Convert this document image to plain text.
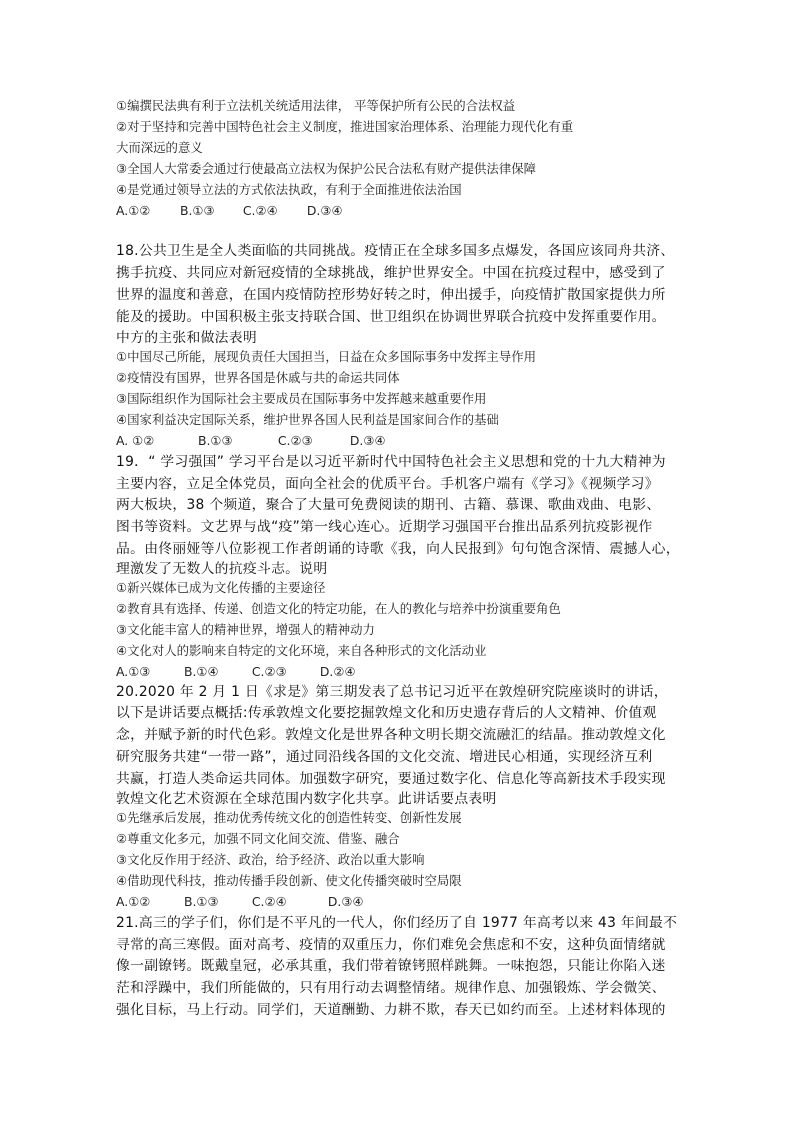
①编撰民法典有利于立法机关统适用法律， 平等保护所有公民的合法权益
②对于坚持和完善中国特色社会主义制度，推进国家治理体系、治理能力现代化有重
大而深远的意义
③全国人大常委会通过行使最高立法权为保护公民合法私有财产提供法律保障
④是党通过领导立法的方式依法执政，有利于全面推进依法治国
A.①② B.①③ C.②④ D.③④
18.公共卫生是全人类面临的共同挑战。疫情正在全球多国多点爆发，各国应该同舟共济、
携手抗疫、共同应对新冠疫情的全球挑战，维护世界安全。中国在抗疫过程中，感受到了
世界的温度和善意，在国内疫情防控形势好转之时，伸出援手，向疫情扩散国家提供力所
能及的援助。中国积极主张支持联合国、世卫组织在协调世界联合抗疫中发挥重要作用。
中方的主张和做法表明
①中国尽己所能，展现负责任大国担当，日益在众多国际事务中发挥主导作用
②疫情没有国界，世界各国是休戚与共的命运共同体
③国际组织作为国际社会主要成员在国际事务中发挥越来越重要作用
④国家利益决定国际关系，维护世界各国人民利益是国家间合作的基础
A. ①②	B.①③	C.②③	D.③④
19．“ 学习强国” 学习平台是以习近平新时代中国特色社会主义思想和党的十九大精神为
主要内容，立足全体党员，面向全社会的优质平台。手机客户端有《学习》《视频学习》
两大板块，38 个频道，聚合了大量可免费阅读的期刊、古籍、慕课、歌曲戏曲、电影、
图书等资料。文艺界与战“疫”第一线心连心。近期学习强国平台推出品系列抗疫影视作
品。由佟丽娅等八位影视工作者朗诵的诗歌《我，向人民报到》句句饱含深情、震撼人心，
理激发了无数人的抗疫斗志。说明
①新兴媒体已成为文化传播的主要途径
②教育具有选择、传递、创造文化的特定功能，在人的教化与培养中扮演重要角色
③文化能丰富人的精神世界，增强人的精神动力
④文化对人的影响来自特定的文化环境，来自各种形式的文化活动业
A.①③	B.①④	C.②③	D.②④
20.2020 年 2 月 1 日《求是》第三期发表了总书记习近平在敦煌研究院座谈时的讲话，
以下是讲话要点概括:传承敦煌文化要挖掘敦煌文化和历史遗存背后的人文精神、价值观
念，并赋予新的时代色彩。敦煌文化是世界各种文明长期交流融汇的结晶。推动敦煌文化
研究服务共建“一带一路”，通过同沿线各国的文化交流、增进民心相通，实现经济互利
共赢，打造人类命运共同体。加强数字研究，要通过数字化、信息化等高新技术手段实现
敦煌文化艺术资源在全球范围内数字化共享。此讲话要点表明
①先继承后发展，推动优秀传统文化的创造性转变、创新性发展
②尊重文化多元，加强不同文化间交流、借鉴、融合
③文化反作用于经济、政治，给予经济、政治以重大影响
④借助现代科技，推动传播手段创新、使文化传播突破时空局限
A.①②	B.①③	C.②④	D.③④
21.高三的学子们，你们是不平凡的一代人，你们经历了自 1977 年高考以来 43 年间最不
寻常的高三寒假。面对高考、疫情的双重压力，你们难免会焦虑和不安，这种负面情绪就
像一副镣铐。既戴皇冠，必承其重，我们带着镣铐照样跳舞。一味抱怨，只能让你陷入迷
茫和浮躁中，我们所能做的，只有用行动去调整情绪。规律作息、加强锻炼、学会微笑、
强化目标，马上行动。同学们，天道酬勤、力耕不欺，春天已如约而至。上述材料体现的
